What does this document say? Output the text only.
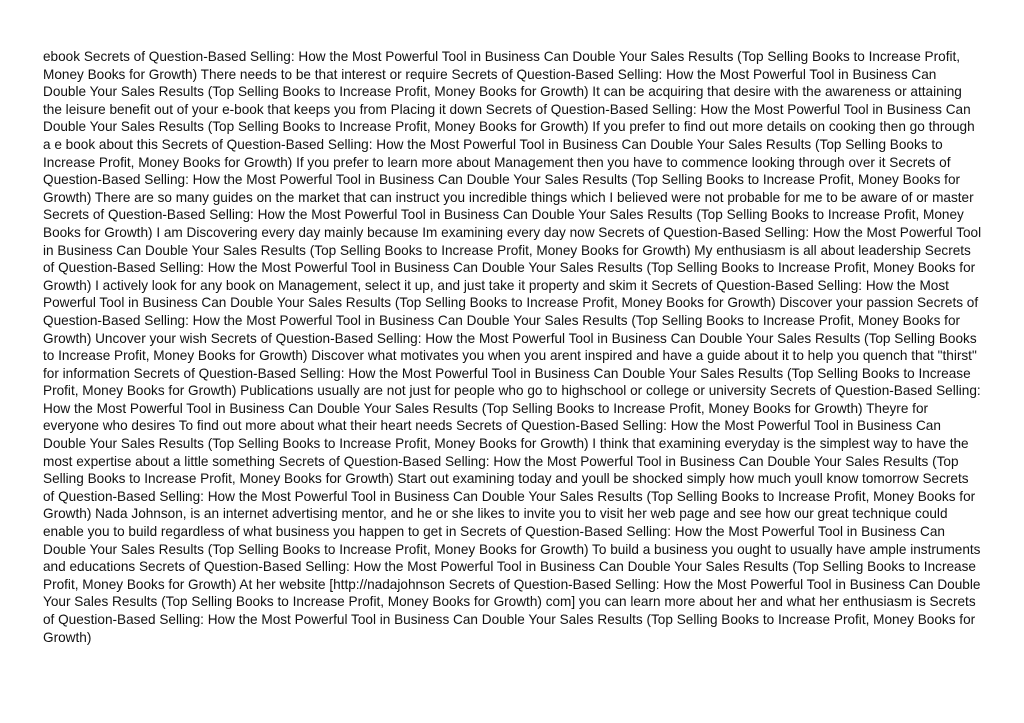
ebook Secrets of Question-Based Selling: How the Most Powerful Tool in Business Can Double Your Sales Results (Top Selling Books to Increase Profit, Money Books for Growth) There needs to be that interest or require Secrets of Question-Based Selling: How the Most Powerful Tool in Business Can Double Your Sales Results (Top Selling Books to Increase Profit, Money Books for Growth) It can be acquiring that desire with the awareness or attaining the leisure benefit out of your e-book that keeps you from Placing it down Secrets of Question-Based Selling: How the Most Powerful Tool in Business Can Double Your Sales Results (Top Selling Books to Increase Profit, Money Books for Growth) If you prefer to find out more details on cooking then go through a e book about this Secrets of Question-Based Selling: How the Most Powerful Tool in Business Can Double Your Sales Results (Top Selling Books to Increase Profit, Money Books for Growth) If you prefer to learn more about Management then you have to commence looking through over it Secrets of Question-Based Selling: How the Most Powerful Tool in Business Can Double Your Sales Results (Top Selling Books to Increase Profit, Money Books for Growth) There are so many guides on the market that can instruct you incredible things which I believed were not probable for me to be aware of or master Secrets of Question-Based Selling: How the Most Powerful Tool in Business Can Double Your Sales Results (Top Selling Books to Increase Profit, Money Books for Growth) I am Discovering every day mainly because Im examining every day now Secrets of Question-Based Selling: How the Most Powerful Tool in Business Can Double Your Sales Results (Top Selling Books to Increase Profit, Money Books for Growth) My enthusiasm is all about leadership Secrets of Question-Based Selling: How the Most Powerful Tool in Business Can Double Your Sales Results (Top Selling Books to Increase Profit, Money Books for Growth) I actively look for any book on Management, select it up, and just take it property and skim it Secrets of Question-Based Selling: How the Most Powerful Tool in Business Can Double Your Sales Results (Top Selling Books to Increase Profit, Money Books for Growth) Discover your passion Secrets of Question-Based Selling: How the Most Powerful Tool in Business Can Double Your Sales Results (Top Selling Books to Increase Profit, Money Books for Growth) Uncover your wish Secrets of Question-Based Selling: How the Most Powerful Tool in Business Can Double Your Sales Results (Top Selling Books to Increase Profit, Money Books for Growth) Discover what motivates you when you arent inspired and have a guide about it to help you quench that "thirst" for information Secrets of Question-Based Selling: How the Most Powerful Tool in Business Can Double Your Sales Results (Top Selling Books to Increase Profit, Money Books for Growth) Publications usually are not just for people who go to highschool or college or university Secrets of Question-Based Selling: How the Most Powerful Tool in Business Can Double Your Sales Results (Top Selling Books to Increase Profit, Money Books for Growth) Theyre for everyone who desires To find out more about what their heart needs Secrets of Question-Based Selling: How the Most Powerful Tool in Business Can Double Your Sales Results (Top Selling Books to Increase Profit, Money Books for Growth) I think that examining everyday is the simplest way to have the most expertise about a little something Secrets of Question-Based Selling: How the Most Powerful Tool in Business Can Double Your Sales Results (Top Selling Books to Increase Profit, Money Books for Growth) Start out examining today and youll be shocked simply how much youll know tomorrow Secrets of Question-Based Selling: How the Most Powerful Tool in Business Can Double Your Sales Results (Top Selling Books to Increase Profit, Money Books for Growth) Nada Johnson, is an internet advertising mentor, and he or she likes to invite you to visit her web page and see how our great technique could enable you to build regardless of what business you happen to get in Secrets of Question-Based Selling: How the Most Powerful Tool in Business Can Double Your Sales Results (Top Selling Books to Increase Profit, Money Books for Growth) To build a business you ought to usually have ample instruments and educations Secrets of Question-Based Selling: How the Most Powerful Tool in Business Can Double Your Sales Results (Top Selling Books to Increase Profit, Money Books for Growth) At her website [http://nadajohnson Secrets of Question-Based Selling: How the Most Powerful Tool in Business Can Double Your Sales Results (Top Selling Books to Increase Profit, Money Books for Growth) com] you can learn more about her and what her enthusiasm is Secrets of Question-Based Selling: How the Most Powerful Tool in Business Can Double Your Sales Results (Top Selling Books to Increase Profit, Money Books for Growth)
